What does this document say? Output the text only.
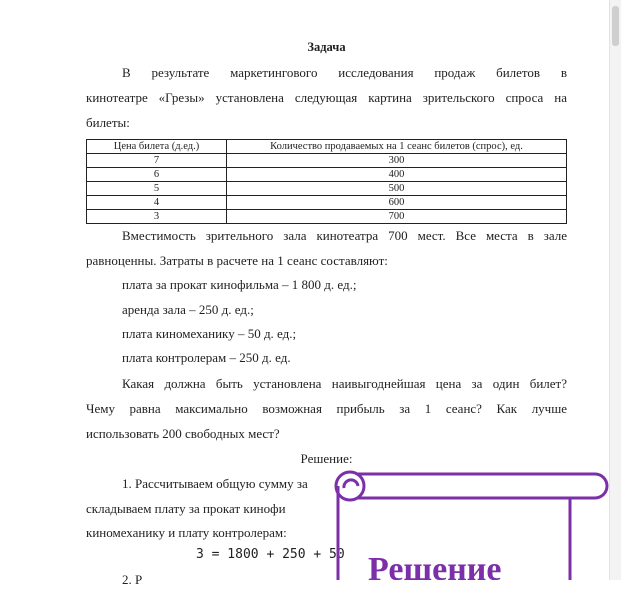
Задача
В результате маркетингового исследования продаж билетов в
кинотеатре «Грезы» установлена следующая картина зрительского спроса на
билеты:
Цена билета (д.ед.)	Количество продаваемых на 1 сеанс билетов (спрос), ед.
7	300
6	400
5	500
4	600
3	700
Вместимость зрительного зала кинотеатра 700 мест. Все места в зале
равноценны. Затраты в расчете на 1 сеанс составляют:
плата за прокат кинофильма – 1 800 д. ед.;
аренда зала – 250 д. ед.;
плата киномеханику – 50 д. ед.;
плата контролерам – 250 д. ед.
Какая должна быть установлена наивыгоднейшая цена за один билет?
Чему равна максимально возможная прибыль за 1 сеанс? Как лучше
использовать 200 свободных мест?
Решение:
1. Рассчитываем общую сумму за
складываем плату за прокат кинофи
киномеханику и плату контролерам:
З = 1800 + 250 + 50
2. Р	Решение
